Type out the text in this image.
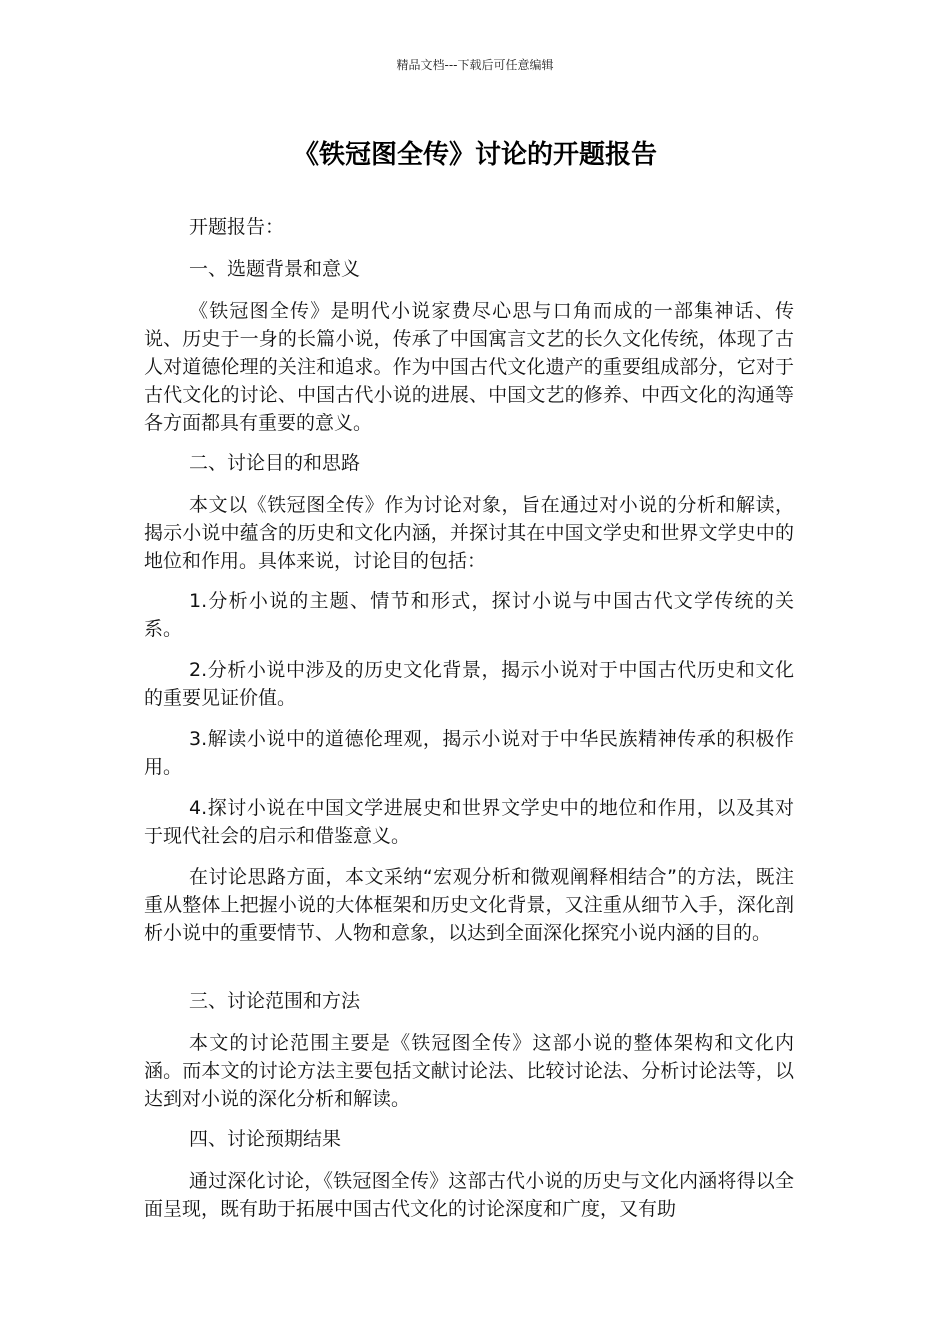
精品文档---下载后可任意编辑
《铁冠图全传》讨论的开题报告

开题报告：

一、选题背景和意义

《铁冠图全传》是明代小说家费尽心思与口角而成的一部集神话、传说、历史于一身的长篇小说，传承了中国寓言文艺的长久文化传统，体现了古人对道德伦理的关注和追求。作为中国古代文化遗产的重要组成部分，它对于古代文化的讨论、中国古代小说的进展、中国文艺的修养、中西文化的沟通等各方面都具有重要的意义。

二、讨论目的和思路

本文以《铁冠图全传》作为讨论对象，旨在通过对小说的分析和解读，揭示小说中蕴含的历史和文化内涵，并探讨其在中国文学史和世界文学史中的地位和作用。具体来说，讨论目的包括：

1.分析小说的主题、情节和形式，探讨小说与中国古代文学传统的关系。

2.分析小说中涉及的历史文化背景，揭示小说对于中国古代历史和文化的重要见证价值。

3.解读小说中的道德伦理观，揭示小说对于中华民族精神传承的积极作用。

4.探讨小说在中国文学进展史和世界文学史中的地位和作用，以及其对于现代社会的启示和借鉴意义。

在讨论思路方面，本文采纳“宏观分析和微观阐释相结合”的方法，既注重从整体上把握小说的大体框架和历史文化背景，又注重从细节入手，深化剖析小说中的重要情节、人物和意象，以达到全面深化探究小说内涵的目的。

三、讨论范围和方法

本文的讨论范围主要是《铁冠图全传》这部小说的整体架构和文化内涵。而本文的讨论方法主要包括文献讨论法、比较讨论法、分析讨论法等，以达到对小说的深化分析和解读。

四、讨论预期结果

通过深化讨论，《铁冠图全传》这部古代小说的历史与文化内涵将得以全面呈现，既有助于拓展中国古代文化的讨论深度和广度，又有助
